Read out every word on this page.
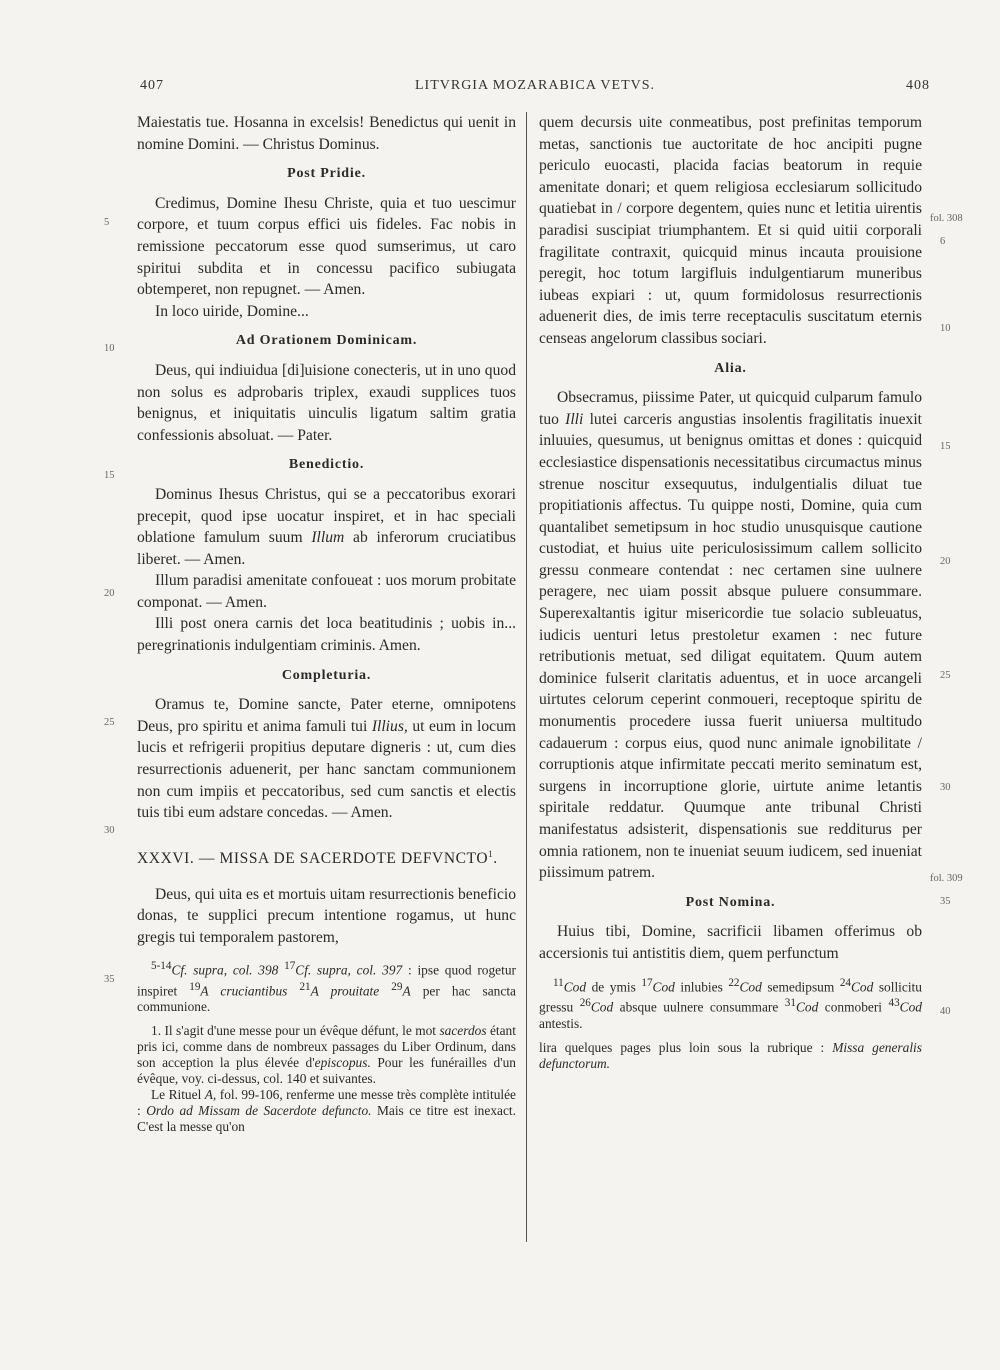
407	LITVRGIA MOZARABICA VETVS.	408

Maiestatis tue. Hosanna in excelsis! Benedictus qui uenit in nomine Domini. — Christus Dominus.

Post Pridie.

Credimus, Domine Ihesu Christe, quia et tuo uescimur corpore, et tuum corpus effici uis fideles. Fac nobis in remissione peccatorum esse quod sumserimus, ut caro spiritui subdita et in concessu pacifico subiugata obtemperet, non repugnet. — Amen.

In loco uiride, Domine...

Ad Orationem Dominicam.

Deus, qui indiuidua [di]uisione conecteris, ut in uno quod non solus es adprobaris triplex, exaudi supplices tuos benignus, et iniquitatis uinculis ligatum saltim gratia confessionis absoluat. — Pater.

Benedictio.

Dominus Ihesus Christus, qui se a peccatoribus exorari precepit, quod ipse uocatur inspiret, et in hac speciali oblatione famulum suum Illum ab inferorum cruciatibus liberet. — Amen.

Illum paradisi amenitate confoueat : uos morum probitate componat. — Amen.

Illi post onera carnis det loca beatitudinis ; uobis in... peregrinationis indulgentiam criminis. Amen.

Completuria.

Oramus te, Domine sancte, Pater eterne, omnipotens Deus, pro spiritu et anima famuli tui Illius, ut eum in locum lucis et refrigerii propitius deputare digneris : ut, cum dies resurrectionis aduenerit, per hanc sanctam communionem non cum impiis et peccatoribus, sed cum sanctis et electis tuis tibi eum adstare concedas. — Amen.

XXXVI. — MISSA DE SACERDOTE DEFVNCTO$^1$.

Deus, qui uita es et mortuis uitam resurrectionis beneficio donas, te supplici precum intentione rogamus, ut hunc gregis tui temporalem pastorem,

$^{5-14}$Cf. supra, col. 398 $^{17}$Cf. supra, col. 397 : ipse quod rogetur inspiret $^{19}$A cruciantibus $^{21}$A prouitate $^{29}$A per hac sancta communione.

1. Il s'agit d'une messe pour un évêque défunt, le mot sacerdos étant pris ici, comme dans de nombreux passages du Liber Ordinum, dans son acception la plus élevée d'episcopus. Pour les funérailles d'un évêque, voy. ci-dessus, col. 140 et suivantes.

Le Rituel A, fol. 99-106, renferme une messe très complète intitulée : Ordo ad Missam de Sacerdote defuncto. Mais ce titre est inexact. C'est la messe qu'on

quem decursis uite conmeatibus, post prefinitas temporum metas, sanctionis tue auctoritate de hoc ancipiti pugne periculo euocasti, placida facias beatorum in requie amenitate donari; et quem religiosa ecclesiarum sollicitudo quatiebat in / corpore degentem, quies nunc et letitia uirentis paradisi suscipiat triumphantem. Et si quid uitii corporali fragilitate contraxit, quicquid minus incauta prouisione peregit, hoc totum largifluis indulgentiarum muneribus iubeas expiari : ut, quum formidolosus resurrectionis aduenerit dies, de imis terre receptaculis suscitatum eternis censeas angelorum classibus sociari.

Alia.

Obsecramus, piissime Pater, ut quicquid culparum famulo tuo Illi lutei carceris angustias insolentis fragilitatis inuexit inluuies, quesumus, ut benignus omittas et dones : quicquid ecclesiastice dispensationis necessitatibus circumactus minus strenue noscitur exsequutus, indulgentialis diluat tue propitiationis affectus. Tu quippe nosti, Domine, quia cum quantalibet semetipsum in hoc studio unusquisque cautione custodiat, et huius uite periculosissimum callem sollicito gressu conmeare contendat : nec certamen sine uulnere peragere, nec uiam possit absque puluere consummare. Superexaltantis igitur misericordie tue solacio subleuatus, iudicis uenturi letus prestoletur examen : nec future retributionis metuat, sed diligat equitatem. Quum autem dominice fulserit claritatis aduentus, et in uoce arcangeli uirtutes celorum ceperint conmoueri, receptoque spiritu de monumentis procedere iussa fuerit uniuersa multitudo cadauerum : corpus eius, quod nunc animale ignobilitate / corruptionis atque infirmitate peccati merito seminatum est, surgens in incorruptione glorie, uirtute anime letantis spiritale reddatur. Quumque ante tribunal Christi manifestatus adsisterit, dispensationis sue redditurus per omnia rationem, non te inueniat seuum iudicem, sed inueniat piissimum patrem.

Post Nomina.

Huius tibi, Domine, sacrificii libamen offerimus ob accersionis tui antistitis diem, quem perfunctum

$^{11}$Cod de ymis $^{17}$Cod inlubies $^{22}$Cod semedipsum $^{24}$Cod sollicitu gressu $^{26}$Cod absque uulnere consummare $^{31}$Cod conmoberi $^{43}$Cod antestis.

lira quelques pages plus loin sous la rubrique : Missa generalis defunctorum.

5
10
15
20
25
30
35
fol. 308
6
10
15
20
25
30
fol. 309
35
40
